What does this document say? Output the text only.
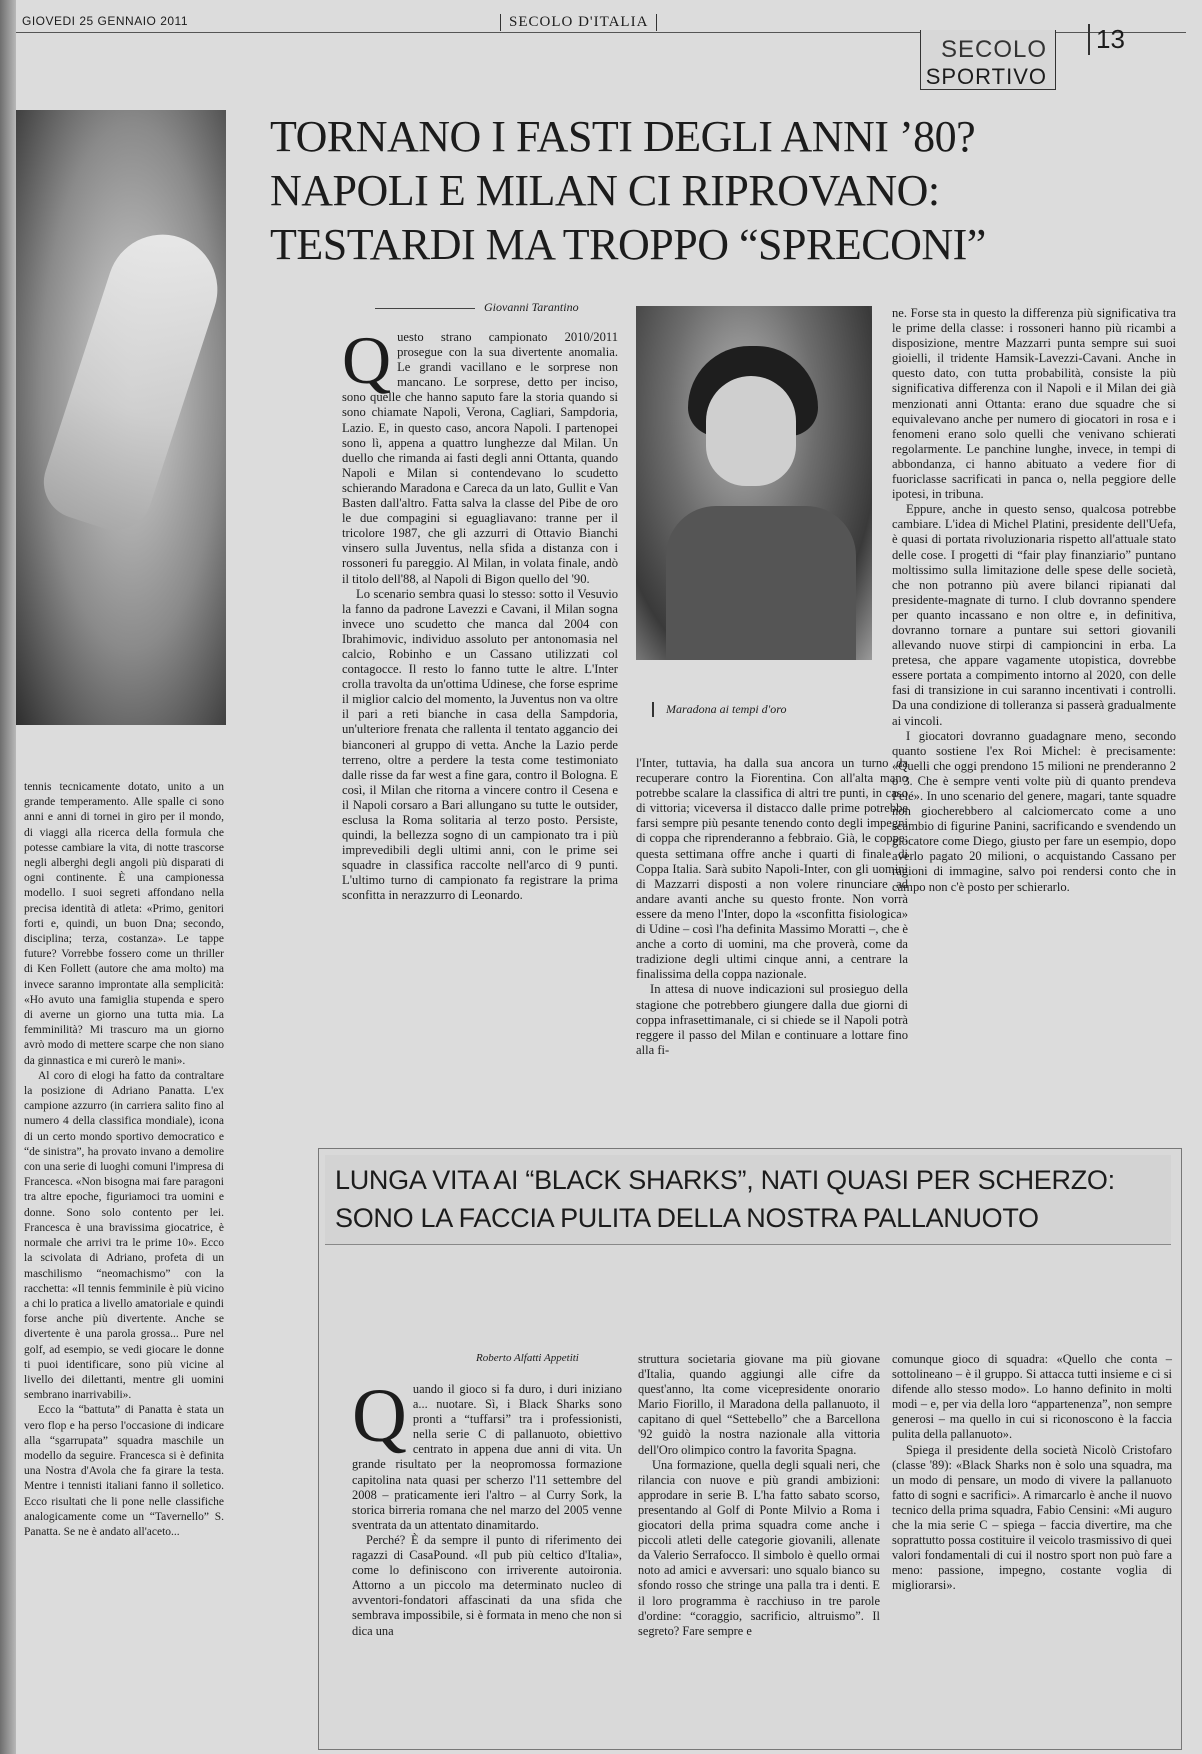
GIOVEDI 25 GENNAIO 2011	SECOLO D'ITALIA
SECOLO
SPORTIVO
13

tennis tecnicamente dotato, unito a un grande temperamento. Alle spalle ci sono anni e anni di tornei in giro per il mondo, di viaggi alla ricerca della formula che potesse cambiare la vita, di notte trascorse negli alberghi degli angoli più disparati di ogni continente. È una campionessa modello. I suoi segreti affondano nella precisa identità di atleta: «Primo, genitori forti e, quindi, un buon Dna; secondo, disciplina; terza, costanza». Le tappe future? Vorrebbe fossero come un thriller di Ken Follett (autore che ama molto) ma invece saranno improntate alla semplicità: «Ho avuto una famiglia stupenda e spero di averne un giorno una tutta mia. La femminilità? Mi trascuro ma un giorno avrò modo di mettere scarpe che non siano da ginnastica e mi curerò le mani».

Al coro di elogi ha fatto da contraltare la posizione di Adriano Panatta. L'ex campione azzurro (in carriera salito fino al numero 4 della classifica mondiale), icona di un certo mondo sportivo democratico e “de sinistra”, ha provato invano a demolire con una serie di luoghi comuni l'impresa di Francesca. «Non bisogna mai fare paragoni tra altre epoche, figuriamoci tra uomini e donne. Sono solo contento per lei. Francesca è una bravissima giocatrice, è normale che arrivi tra le prime 10». Ecco la scivolata di Adriano, profeta di un maschilismo “neomachismo” con la racchetta: «Il tennis femminile è più vicino a chi lo pratica a livello amatoriale e quindi forse anche più divertente. Anche se divertente è una parola grossa... Pure nel golf, ad esempio, se vedi giocare le donne ti puoi identificare, sono più vicine al livello dei dilettanti, mentre gli uomini sembrano inarrivabili».

Ecco la “battuta” di Panatta è stata un vero flop e ha perso l'occasione di indicare alla “sgarrupata” squadra maschile un modello da seguire. Francesca si è definita una Nostra d'Avola che fa girare la testa. Mentre i tennisti italiani fanno il solletico. Ecco risultati che li pone nelle classifiche analogicamente come un “Tavernello” S. Panatta. Se ne è andato all'aceto...

TORNANO I FASTI DEGLI ANNI ’80?
NAPOLI E MILAN CI RIPROVANO:
TESTARDI MA TROPPO “SPRECONI”
Giovanni Tarantino

Questo strano campionato 2010/2011 prosegue con la sua divertente anomalia. Le grandi vacillano e le sorprese non mancano. Le sorprese, detto per inciso, sono quelle che hanno saputo fare la storia quando si sono chiamate Napoli, Verona, Cagliari, Sampdoria, Lazio. E, in questo caso, ancora Napoli. I partenopei sono lì, appena a quattro lunghezze dal Milan. Un duello che rimanda ai fasti degli anni Ottanta, quando Napoli e Milan si contendevano lo scudetto schierando Maradona e Careca da un lato, Gullit e Van Basten dall'altro. Fatta salva la classe del Pibe de oro le due compagini si eguagliavano: tranne per il tricolore 1987, che gli azzurri di Ottavio Bianchi vinsero sulla Juventus, nella sfida a distanza con i rossoneri fu pareggio. Al Milan, in volata finale, andò il titolo dell'88, al Napoli di Bigon quello del '90.

Lo scenario sembra quasi lo stesso: sotto il Vesuvio la fanno da padrone Lavezzi e Cavani, il Milan sogna invece uno scudetto che manca dal 2004 con Ibrahimovic, individuo assoluto per antonomasia nel calcio, Robinho e un Cassano utilizzati col contagocce. Il resto lo fanno tutte le altre. L'Inter crolla travolta da un'ottima Udinese, che forse esprime il miglior calcio del momento, la Juventus non va oltre il pari a reti bianche in casa della Sampdoria, un'ulteriore frenata che rallenta il tentato aggancio dei bianconeri al gruppo di vetta. Anche la Lazio perde terreno, oltre a perdere la testa come testimoniato dalle risse da far west a fine gara, contro il Bologna. E così, il Milan che ritorna a vincere contro il Cesena e il Napoli corsaro a Bari allungano su tutte le outsider, esclusa la Roma solitaria al terzo posto. Persiste, quindi, la bellezza sogno di un campionato tra i più imprevedibili degli ultimi anni, con le prime sei squadre in classifica raccolte nell'arco di 9 punti. L'ultimo turno di campionato fa registrare la prima sconfitta in nerazzurro di Leonardo.

Maradona ai tempi d'oro

l'Inter, tuttavia, ha dalla sua ancora un turno da recuperare contro la Fiorentina. Con all'alta mano potrebbe scalare la classifica di altri tre punti, in caso di vittoria; viceversa il distacco dalle prime potrebbe farsi sempre più pesante tenendo conto degli impegni di coppa che riprenderanno a febbraio. Già, le coppe: questa settimana offre anche i quarti di finale di Coppa Italia. Sarà subito Napoli-Inter, con gli uomini di Mazzarri disposti a non volere rinunciare ad andare avanti anche su questo fronte. Non vorrà essere da meno l'Inter, dopo la «sconfitta fisiologica» di Udine – così l'ha definita Massimo Moratti –, che è anche a corto di uomini, ma che proverà, come da tradizione degli ultimi cinque anni, a centrare la finalissima della coppa nazionale.

In attesa di nuove indicazioni sul prosieguo della stagione che potrebbero giungere dalla due giorni di coppa infrasettimanale, ci si chiede se il Napoli potrà reggere il passo del Milan e continuare a lottare fino alla fi-

ne. Forse sta in questo la differenza più significativa tra le prime della classe: i rossoneri hanno più ricambi a disposizione, mentre Mazzarri punta sempre sui suoi gioielli, il tridente Hamsik-Lavezzi-Cavani. Anche in questo dato, con tutta probabilità, consiste la più significativa differenza con il Napoli e il Milan dei già menzionati anni Ottanta: erano due squadre che si equivalevano anche per numero di giocatori in rosa e i fenomeni erano solo quelli che venivano schierati regolarmente. Le panchine lunghe, invece, in tempi di abbondanza, ci hanno abituato a vedere fior di fuoriclasse sacrificati in panca o, nella peggiore delle ipotesi, in tribuna.

Eppure, anche in questo senso, qualcosa potrebbe cambiare. L'idea di Michel Platini, presidente dell'Uefa, è quasi di portata rivoluzionaria rispetto all'attuale stato delle cose. I progetti di “fair play finanziario” puntano moltissimo sulla limitazione delle spese delle società, che non potranno più avere bilanci ripianati dal presidente-magnate di turno. I club dovranno spendere per quanto incassano e non oltre e, in definitiva, dovranno tornare a puntare sui settori giovanili allevando nuove stirpi di campioncini in erba. La pretesa, che appare vagamente utopistica, dovrebbe essere portata a compimento intorno al 2020, con delle fasi di transizione in cui saranno incentivati i controlli. Da una condizione di tolleranza si passerà gradualmente ai vincoli.

I giocatori dovranno guadagnare meno, secondo quanto sostiene l'ex Roi Michel: è precisamente: «Quelli che oggi prendono 15 milioni ne prenderanno 2 o 3. Che è sempre venti volte più di quanto prendeva Pelé». In uno scenario del genere, magari, tante squadre non giocherebbero al calciomercato come a uno scambio di figurine Panini, sacrificando e svendendo un giocatore come Diego, giusto per fare un esempio, dopo averlo pagato 20 milioni, o acquistando Cassano per ragioni di immagine, salvo poi rendersi conto che in campo non c'è posto per schierarlo.

LUNGA VITA AI “BLACK SHARKS”, NATI QUASI PER SCHERZO:
SONO LA FACCIA PULITA DELLA NOSTRA PALLANUOTO
Roberto Alfatti Appetiti

Quando il gioco si fa duro, i duri iniziano a... nuotare. Sì, i Black Sharks sono pronti a “tuffarsi” tra i professionisti, nella serie C di pallanuoto, obiettivo centrato in appena due anni di vita. Un grande risultato per la neopromossa formazione capitolina nata quasi per scherzo l'11 settembre del 2008 – praticamente ieri l'altro – al Curry Sork, la storica birreria romana che nel marzo del 2005 venne sventrata da un attentato dinamitardo.

Perché? È da sempre il punto di riferimento dei ragazzi di CasaPound. «Il pub più celtico d'Italia», come lo definiscono con irriverente autoironia. Attorno a un piccolo ma determinato nucleo di avventori-fondatori affascinati da una sfida che sembrava impossibile, si è formata in meno che non si dica una

struttura societaria giovane ma più giovane d'Italia, quando aggiungi alle cifre da quest'anno, lta come vicepresidente onorario Mario Fiorillo, il Maradona della pallanuoto, il capitano di quel “Settebello” che a Barcellona '92 guidò la nostra nazionale alla vittoria dell'Oro olimpico contro la favorita Spagna.

Una formazione, quella degli squali neri, che rilancia con nuove e più grandi ambizioni: approdare in serie B. L'ha fatto sabato scorso, presentando al Golf di Ponte Milvio a Roma i giocatori della prima squadra come anche i piccoli atleti delle categorie giovanili, allenate da Valerio Serrafocco. Il simbolo è quello ormai noto ad amici e avversari: uno squalo bianco su sfondo rosso che stringe una palla tra i denti. E il loro programma è racchiuso in tre parole d'ordine: “coraggio, sacrificio, altruismo”. Il segreto? Fare sempre e

comunque gioco di squadra: «Quello che conta – sottolineano – è il gruppo. Si attacca tutti insieme e ci si difende allo stesso modo». Lo hanno definito in molti modi – e, per via della loro “appartenenza”, non sempre generosi – ma quello in cui si riconoscono è la faccia pulita della pallanuoto».

Spiega il presidente della società Nicolò Cristofaro (classe '89): «Black Sharks non è solo una squadra, ma un modo di pensare, un modo di vivere la pallanuoto fatto di sogni e sacrifici». A rimarcarlo è anche il nuovo tecnico della prima squadra, Fabio Censini: «Mi auguro che la mia serie C – spiega – faccia divertire, ma che soprattutto possa costituire il veicolo trasmissivo di quei valori fondamentali di cui il nostro sport non può fare a meno: passione, impegno, costante voglia di migliorarsi».
